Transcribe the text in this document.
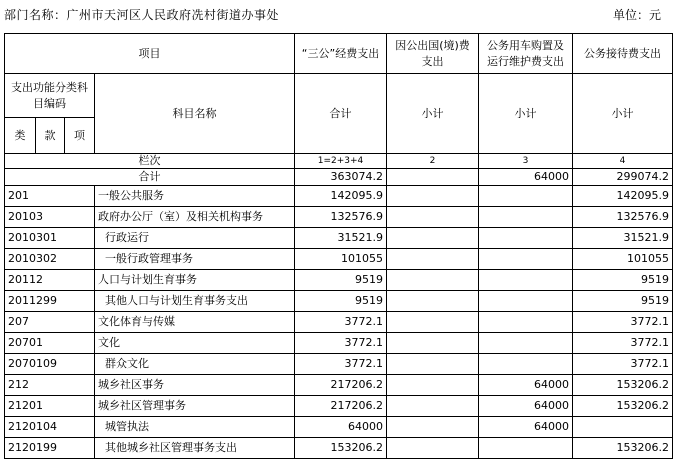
部门名称：广州市天河区人民政府冼村街道办事处	单位：元
项目				“三公”经费支出	因公出国(境)费支出	公务用车购置及运行维护费支出	公务接待费支出
支出功能分类科目编码			科目名称	合计	小计	小计	小计
类	款	项					
栏次				1=2+3+4	2	3	4
合计				363074.2		64000	299074.2
201			一般公共服务	142095.9			142095.9
20103			政府办公厅（室）及相关机构事务	132576.9			132576.9
2010301			行政运行	31521.9			31521.9
2010302			一般行政管理事务	101055			101055
20112			人口与计划生育事务	9519			9519
2011299			其他人口与计划生育事务支出	9519			9519
207			文化体育与传媒	3772.1			3772.1
20701			文化	3772.1			3772.1
2070109			群众文化	3772.1			3772.1
212			城乡社区事务	217206.2		64000	153206.2
21201			城乡社区管理事务	217206.2		64000	153206.2
2120104			城管执法	64000		64000	
2120199			其他城乡社区管理事务支出	153206.2			153206.2
